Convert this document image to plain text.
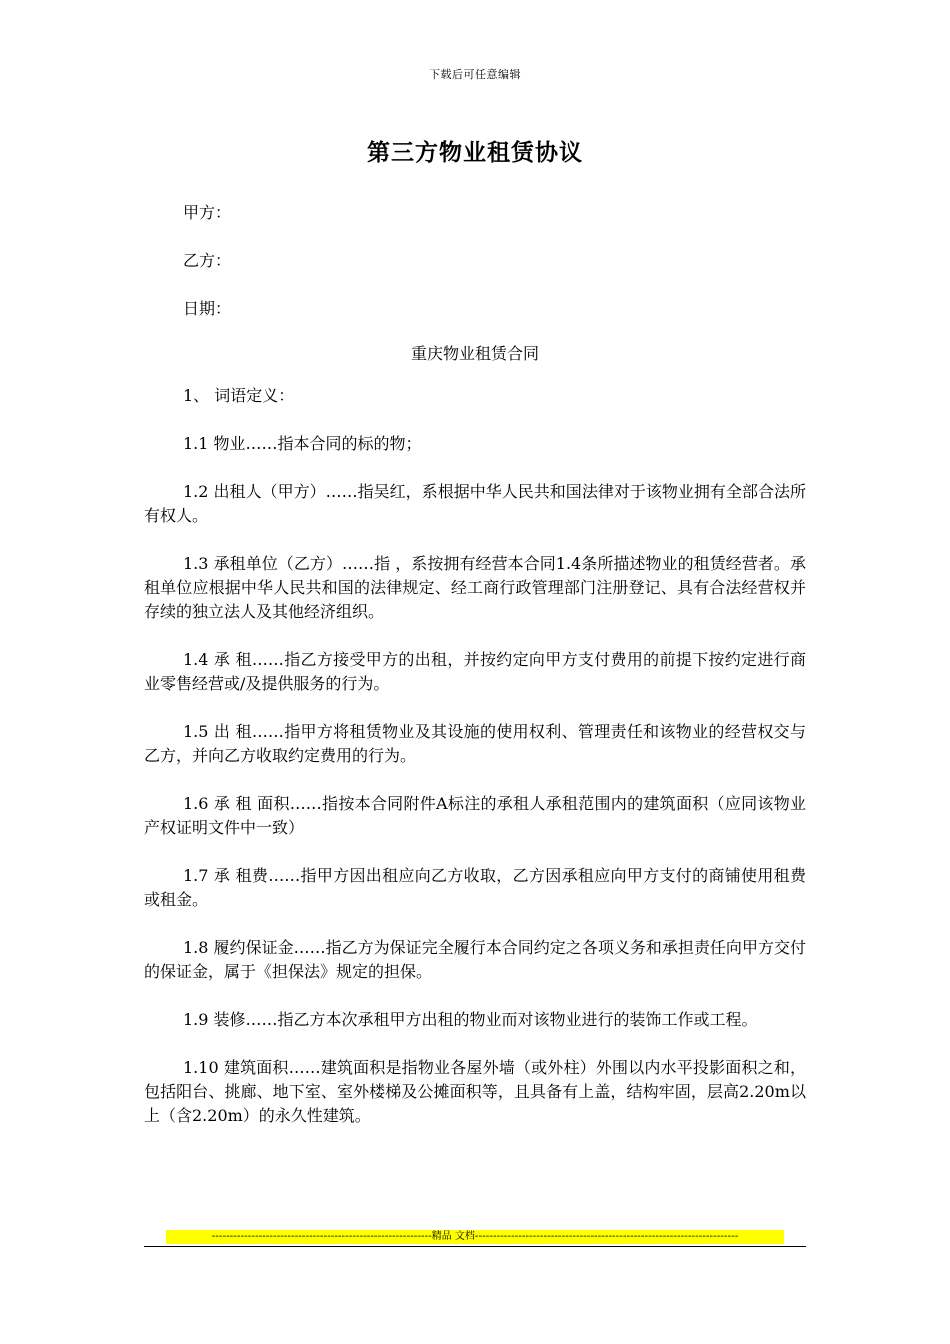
下载后可任意编辑
第三方物业租赁协议
甲方：
乙方：
日期：
重庆物业租赁合同

1、 词语定义：

1.1 物业……指本合同的标的物；

1.2 出租人（甲方）……指吴红，系根据中华人民共和国法律对于该物业拥有全部合法所有权人。

1.3 承租单位（乙方）……指 ，系按拥有经营本合同1.4条所描述物业的租赁经营者。承租单位应根据中华人民共和国的法律规定、经工商行政管理部门注册登记、具有合法经营权并存续的独立法人及其他经济组织。

1.4 承 租……指乙方接受甲方的出租，并按约定向甲方支付费用的前提下按约定进行商业零售经营或/及提供服务的行为。

1.5 出 租……指甲方将租赁物业及其设施的使用权利、管理责任和该物业的经营权交与乙方，并向乙方收取约定费用的行为。

1.6 承 租 面积……指按本合同附件A标注的承租人承租范围内的建筑面积（应同该物业产权证明文件中一致）

1.7 承 租费……指甲方因出租应向乙方收取，乙方因承租应向甲方支付的商铺使用租费或租金。

1.8 履约保证金……指乙方为保证完全履行本合同约定之各项义务和承担责任向甲方交付的保证金，属于《担保法》规定的担保。

1.9 装修……指乙方本次承租甲方出租的物业而对该物业进行的装饰工作或工程。

1.10 建筑面积……建筑面积是指物业各屋外墙（或外柱）外围以内水平投影面积之和，包括阳台、挑廊、地下室、室外楼梯及公摊面积等，且具备有上盖，结构牢固，层高2.20m以上（含2.20m）的永久性建筑。

-------------------------------------------------------------精品 文档-------------------------------------------------------------------------
